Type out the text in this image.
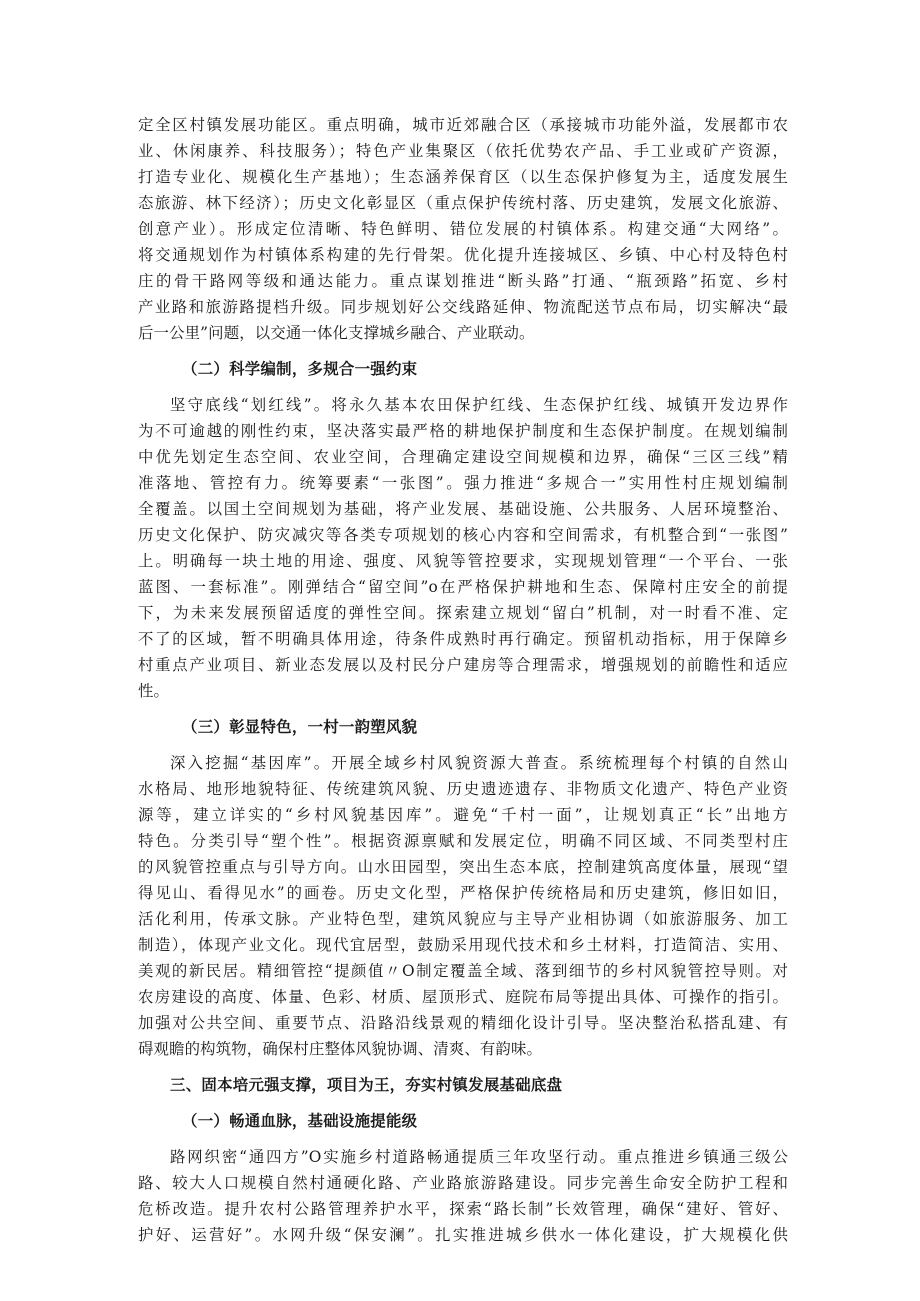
定全区村镇发展功能区。重点明确，城市近郊融合区（承接城市功能外溢，发展都市农
业、休闲康养、科技服务）；特色产业集聚区（依托优势农产品、手工业或矿产资源，
打造专业化、规模化生产基地）；生态涵养保育区（以生态保护修复为主，适度发展生
态旅游、林下经济）；历史文化彰显区（重点保护传统村落、历史建筑，发展文化旅游、
创意产业）。形成定位清晰、特色鲜明、错位发展的村镇体系。构建交通“大网络”。
将交通规划作为村镇体系构建的先行骨架。优化提升连接城区、乡镇、中心村及特色村
庄的骨干路网等级和通达能力。重点谋划推进“断头路”打通、“瓶颈路”拓宽、乡村
产业路和旅游路提档升级。同步规划好公交线路延伸、物流配送节点布局，切实解决“最
后一公里”问题，以交通一体化支撑城乡融合、产业联动。
（二）科学编制，多规合一强约束
坚守底线“划红线”。将永久基本农田保护红线、生态保护红线、城镇开发边界作
为不可逾越的刚性约束，坚决落实最严格的耕地保护制度和生态保护制度。在规划编制
中优先划定生态空间、农业空间，合理确定建设空间规模和边界，确保“三区三线”精
准落地、管控有力。统筹要素“一张图”。强力推进“多规合一”实用性村庄规划编制
全覆盖。以国土空间规划为基础，将产业发展、基础设施、公共服务、人居环境整治、
历史文化保护、防灾减灾等各类专项规划的核心内容和空间需求，有机整合到“一张图”
上。明确每一块土地的用途、强度、风貌等管控要求，实现规划管理“一个平台、一张
蓝图、一套标准”。刚弹结合“留空间”o在严格保护耕地和生态、保障村庄安全的前提
下，为未来发展预留适度的弹性空间。探索建立规划“留白”机制，对一时看不准、定
不了的区域，暂不明确具体用途，待条件成熟时再行确定。预留机动指标，用于保障乡
村重点产业项目、新业态发展以及村民分户建房等合理需求，增强规划的前瞻性和适应
性。
（三）彰显特色，一村一韵塑风貌
深入挖掘“基因库”。开展全域乡村风貌资源大普查。系统梳理每个村镇的自然山
水格局、地形地貌特征、传统建筑风貌、历史遗迹遗存、非物质文化遗产、特色产业资
源等，建立详实的“乡村风貌基因库”。避免“千村一面”，让规划真正“长”出地方
特色。分类引导“塑个性”。根据资源禀赋和发展定位，明确不同区域、不同类型村庄
的风貌管控重点与引导方向。山水田园型，突出生态本底，控制建筑高度体量，展现“望
得见山、看得见水”的画卷。历史文化型，严格保护传统格局和历史建筑，修旧如旧，
活化利用，传承文脉。产业特色型，建筑风貌应与主导产业相协调（如旅游服务、加工
制造），体现产业文化。现代宜居型，鼓励采用现代技术和乡土材料，打造简洁、实用、
美观的新民居。精细管控“提颜值〃O制定覆盖全域、落到细节的乡村风貌管控导则。对
农房建设的高度、体量、色彩、材质、屋顶形式、庭院布局等提出具体、可操作的指引。
加强对公共空间、重要节点、沿路沿线景观的精细化设计引导。坚决整治私搭乱建、有
碍观瞻的构筑物，确保村庄整体风貌协调、清爽、有韵味。
三、固本培元强支撑，项目为王，夯实村镇发展基础底盘
（一）畅通血脉，基础设施提能级
路网织密“通四方”O实施乡村道路畅通提质三年攻坚行动。重点推进乡镇通三级公
路、较大人口规模自然村通硬化路、产业路旅游路建设。同步完善生命安全防护工程和
危桥改造。提升农村公路管理养护水平，探索“路长制”长效管理，确保“建好、管好、
护好、运营好”。水网升级“保安澜”。扎实推进城乡供水一体化建设，扩大规模化供
